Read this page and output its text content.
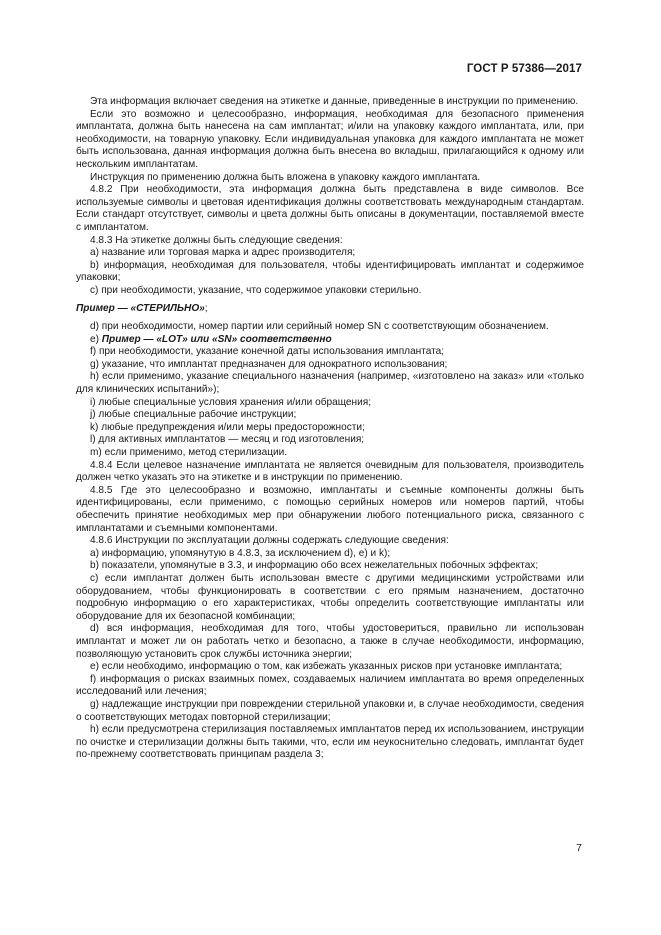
ГОСТ Р 57386—2017

Эта информация включает сведения на этикетке и данные, приведенные в инструкции по применению.

Если это возможно и целесообразно, информация, необходимая для безопасного применения имплантата, должна быть нанесена на сам имплантат; и/или на упаковку каждого имплантата, или, при необходимости, на товарную упаковку. Если индивидуальная упаковка для каждого имплантата не может быть использована, данная информация должна быть внесена во вкладыш, прилагающийся к одному или нескольким имплантатам.

Инструкция по применению должна быть вложена в упаковку каждого имплантата.

4.8.2 При необходимости, эта информация должна быть представлена в виде символов. Все используемые символы и цветовая идентификация должны соответствовать международным стандартам. Если стандарт отсутствует, символы и цвета должны быть описаны в документации, поставляемой вместе с имплантатом.

4.8.3 На этикетке должны быть следующие сведения:

a) название или торговая марка и адрес производителя;

b) информация, необходимая для пользователя, чтобы идентифицировать имплантат и содержимое упаковки;

c) при необходимости, указание, что содержимое упаковки стерильно.

Пример — «СТЕРИЛЬНО»;

d) при необходимости, номер партии или серийный номер SN с соответствующим обозначением.

e) Пример — «LOT» или «SN» соответственно

f) при необходимости, указание конечной даты использования имплантата;

g) указание, что имплантат предназначен для однократного использования;

h) если применимо, указание специального назначения (например, «изготовлено на заказ» или «только для клинических испытаний»);

i) любые специальные условия хранения и/или обращения;

j) любые специальные рабочие инструкции;

k) любые предупреждения и/или меры предосторожности;

l) для активных имплантатов — месяц и год изготовления;

m) если применимо, метод стерилизации.

4.8.4 Если целевое назначение имплантата не является очевидным для пользователя, производитель должен четко указать это на этикетке и в инструкции по применению.

4.8.5 Где это целесообразно и возможно, имплантаты и съемные компоненты должны быть идентифицированы, если применимо, с помощью серийных номеров или номеров партий, чтобы обеспечить принятие необходимых мер при обнаружении любого потенциального риска, связанного с имплантатами и съемными компонентами.

4.8.6 Инструкции по эксплуатации должны содержать следующие сведения:

a) информацию, упомянутую в 4.8.3, за исключением d), e) и k);

b) показатели, упомянутые в 3.3, и информацию обо всех нежелательных побочных эффектах;

c) если имплантат должен быть использован вместе с другими медицинскими устройствами или оборудованием, чтобы функционировать в соответствии с его прямым назначением, достаточно подробную информацию о его характеристиках, чтобы определить соответствующие имплантаты или оборудование для их безопасной комбинации;

d) вся информация, необходимая для того, чтобы удостовериться, правильно ли использован имплантат и может ли он работать четко и безопасно, а также в случае необходимости, информацию, позволяющую установить срок службы источника энергии;

e) если необходимо, информацию о том, как избежать указанных рисков при установке имплантата;

f) информация о рисках взаимных помех, создаваемых наличием имплантата во время определенных исследований или лечения;

g) надлежащие инструкции при повреждении стерильной упаковки и, в случае необходимости, сведения о соответствующих методах повторной стерилизации;

h) если предусмотрена стерилизация поставляемых имплантатов перед их использованием, инструкции по очистке и стерилизации должны быть такими, что, если им неукоснительно следовать, имплантат будет по-прежнему соответствовать принципам раздела 3;

7
